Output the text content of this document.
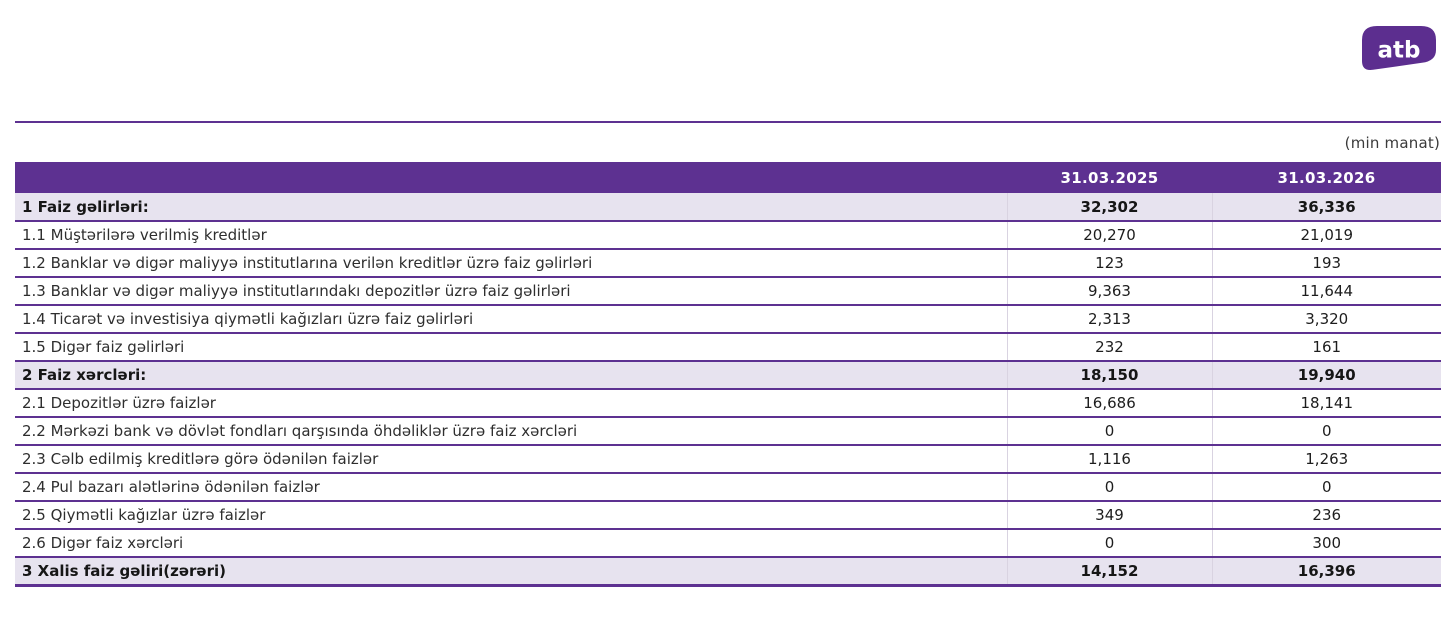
atb
(min manat)
	31.03.2025	31.03.2026
1 Faiz gəlirləri:	32,302	36,336
1.1 Müştərilərə verilmiş kreditlər	20,270	21,019
1.2 Banklar və digər maliyyə institutlarına verilən kreditlər üzrə faiz gəlirləri	123	193
1.3 Banklar və digər maliyyə institutlarındakı depozitlər üzrə faiz gəlirləri	9,363	11,644
1.4 Ticarət və investisiya qiymətli kağızları üzrə faiz gəlirləri	2,313	3,320
1.5 Digər faiz gəlirləri	232	161
2 Faiz xərcləri:	18,150	19,940
2.1 Depozitlər üzrə faizlər	16,686	18,141
2.2 Mərkəzi bank və dövlət fondları qarşısında öhdəliklər üzrə faiz xərcləri	0	0
2.3 Cəlb edilmiş kreditlərə görə ödənilən faizlər	1,116	1,263
2.4 Pul bazarı alətlərinə ödənilən faizlər	0	0
2.5 Qiymətli kağızlar üzrə faizlər	349	236
2.6 Digər faiz xərcləri	0	300
3 Xalis faiz gəliri(zərəri)	14,152	16,396
